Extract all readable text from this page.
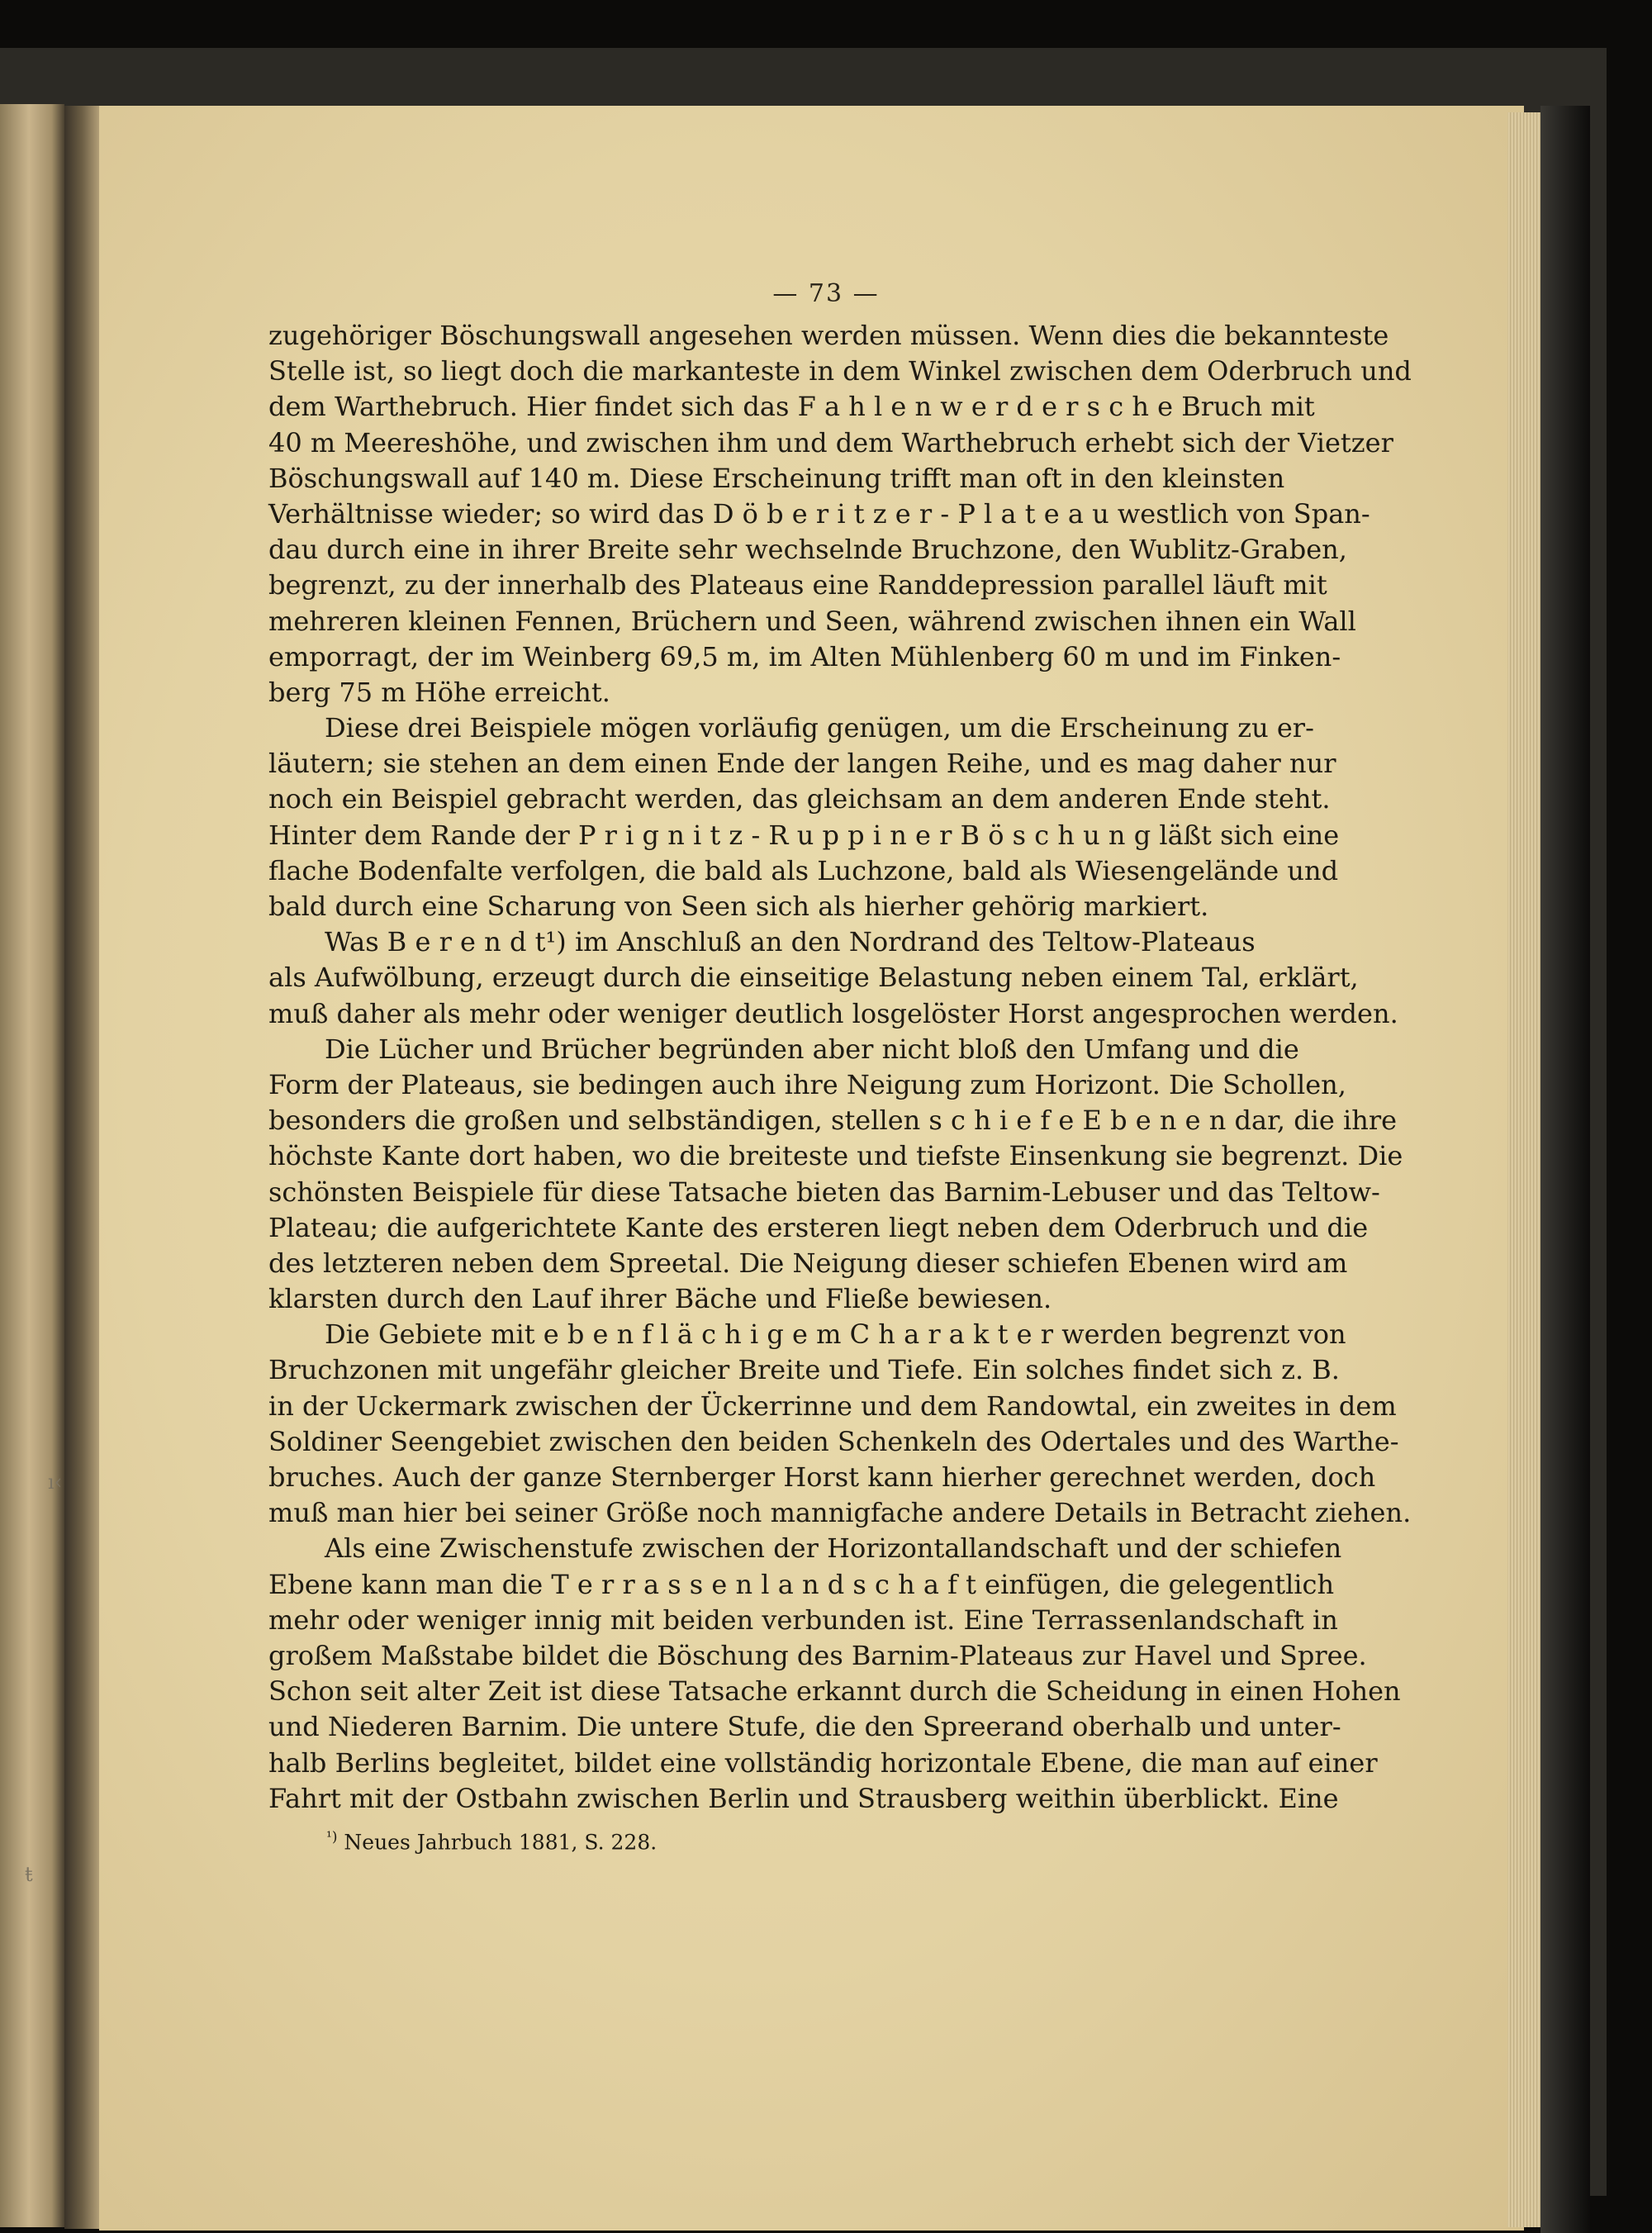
ı‹
ŧ
— 73 —
zugehöriger Böschungswall angesehen werden müssen. Wenn dies die bekannteste
Stelle ist, so liegt doch die markanteste in dem Winkel zwischen dem Oderbruch und
dem Warthebruch. Hier findet sich das F a h l e n w e r d e r s c h e Bruch mit
40 m Meereshöhe, und zwischen ihm und dem Warthebruch erhebt sich der Vietzer
Böschungswall auf 140 m. Diese Erscheinung trifft man oft in den kleinsten
Verhältnisse wieder; so wird das D ö b e r i t z e r - P l a t e a u westlich von Span-
dau durch eine in ihrer Breite sehr wechselnde Bruchzone, den Wublitz-Graben,
begrenzt, zu der innerhalb des Plateaus eine Randdepression parallel läuft mit
mehreren kleinen Fennen, Brüchern und Seen, während zwischen ihnen ein Wall
emporragt, der im Weinberg 69,5 m, im Alten Mühlenberg 60 m und im Finken-
berg 75 m Höhe erreicht.
Diese drei Beispiele mögen vorläufig genügen, um die Erscheinung zu er-
läutern; sie stehen an dem einen Ende der langen Reihe, und es mag daher nur
noch ein Beispiel gebracht werden, das gleichsam an dem anderen Ende steht.
Hinter dem Rande der P r i g n i t z - R u p p i n e r B ö s c h u n g läßt sich eine
flache Bodenfalte verfolgen, die bald als Luchzone, bald als Wiesengelände und
bald durch eine Scharung von Seen sich als hierher gehörig markiert.
Was B e r e n d t¹) im Anschluß an den Nordrand des Teltow-Plateaus
als Aufwölbung, erzeugt durch die einseitige Belastung neben einem Tal, erklärt,
muß daher als mehr oder weniger deutlich losgelöster Horst angesprochen werden.
Die Lücher und Brücher begründen aber nicht bloß den Umfang und die
Form der Plateaus, sie bedingen auch ihre Neigung zum Horizont. Die Schollen,
besonders die großen und selbständigen, stellen s c h i e f e E b e n e n dar, die ihre
höchste Kante dort haben, wo die breiteste und tiefste Einsenkung sie begrenzt. Die
schönsten Beispiele für diese Tatsache bieten das Barnim-Lebuser und das Teltow-
Plateau; die aufgerichtete Kante des ersteren liegt neben dem Oderbruch und die
des letzteren neben dem Spreetal. Die Neigung dieser schiefen Ebenen wird am
klarsten durch den Lauf ihrer Bäche und Fließe bewiesen.
Die Gebiete mit e b e n f l ä c h i g e m C h a r a k t e r werden begrenzt von
Bruchzonen mit ungefähr gleicher Breite und Tiefe. Ein solches findet sich z. B.
in der Uckermark zwischen der Ückerrinne und dem Randowtal, ein zweites in dem
Soldiner Seengebiet zwischen den beiden Schenkeln des Odertales und des Warthe-
bruches. Auch der ganze Sternberger Horst kann hierher gerechnet werden, doch
muß man hier bei seiner Größe noch mannigfache andere Details in Betracht ziehen.
Als eine Zwischenstufe zwischen der Horizontallandschaft und der schiefen
Ebene kann man die T e r r a s s e n l a n d s c h a f t einfügen, die gelegentlich
mehr oder weniger innig mit beiden verbunden ist. Eine Terrassenlandschaft in
großem Maßstabe bildet die Böschung des Barnim-Plateaus zur Havel und Spree.
Schon seit alter Zeit ist diese Tatsache erkannt durch die Scheidung in einen Hohen
und Niederen Barnim. Die untere Stufe, die den Spreerand oberhalb und unter-
halb Berlins begleitet, bildet eine vollständig horizontale Ebene, die man auf einer
Fahrt mit der Ostbahn zwischen Berlin und Strausberg weithin überblickt. Eine
$^{^1)}$ Neues Jahrbuch 1881, S. 228.
